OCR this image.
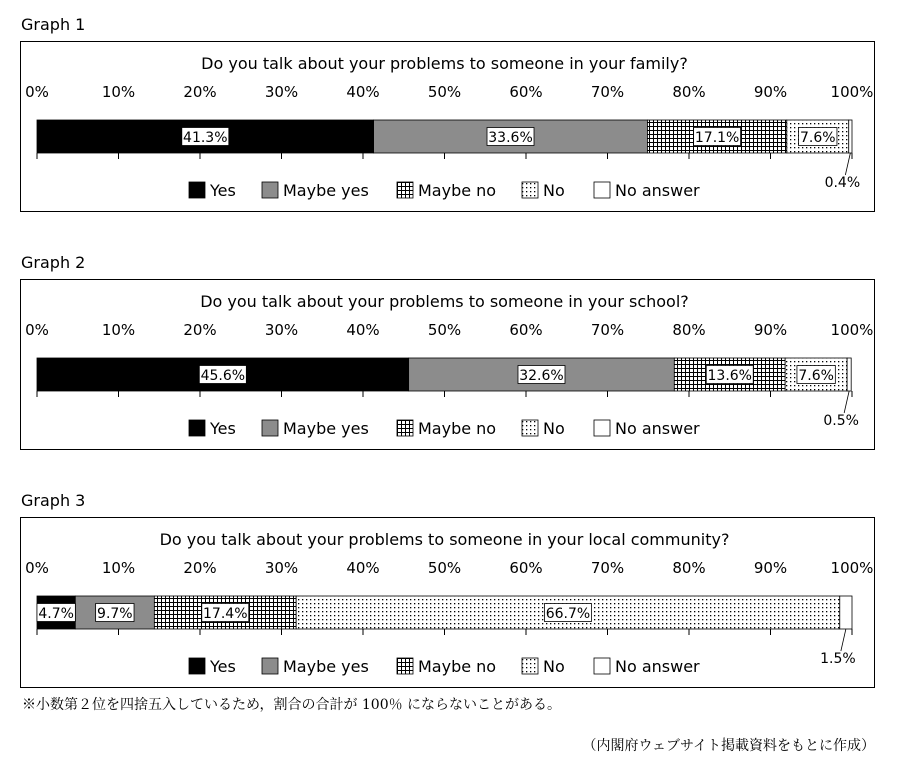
Graph 1
Do you talk about your problems to someone in your family?
0%	10%	20%	30%	40%	50%	60%	70%	80%	90%	100%
41.3%	33.6%	17.1%	7.6%
0.4%
Yes	Maybe yes	Maybe no	No	No answer
Graph 2
Do you talk about your problems to someone in your school?
0%	10%	20%	30%	40%	50%	60%	70%	80%	90%	100%
45.6%	32.6%	13.6%	7.6%
0.5%
Yes	Maybe yes	Maybe no	No	No answer
Graph 3
Do you talk about your problems to someone in your local community?
0%	10%	20%	30%	40%	50%	60%	70%	80%	90%	100%
4.7% 9.7%	17.4%	66.7%
1.5%
Yes	Maybe yes	Maybe no	No	No answer
※小数第２位を四捨五入しているため，割合の合計が 100％ にならないことがある。
（内閣府ウェブサイト掲載資料をもとに作成）
